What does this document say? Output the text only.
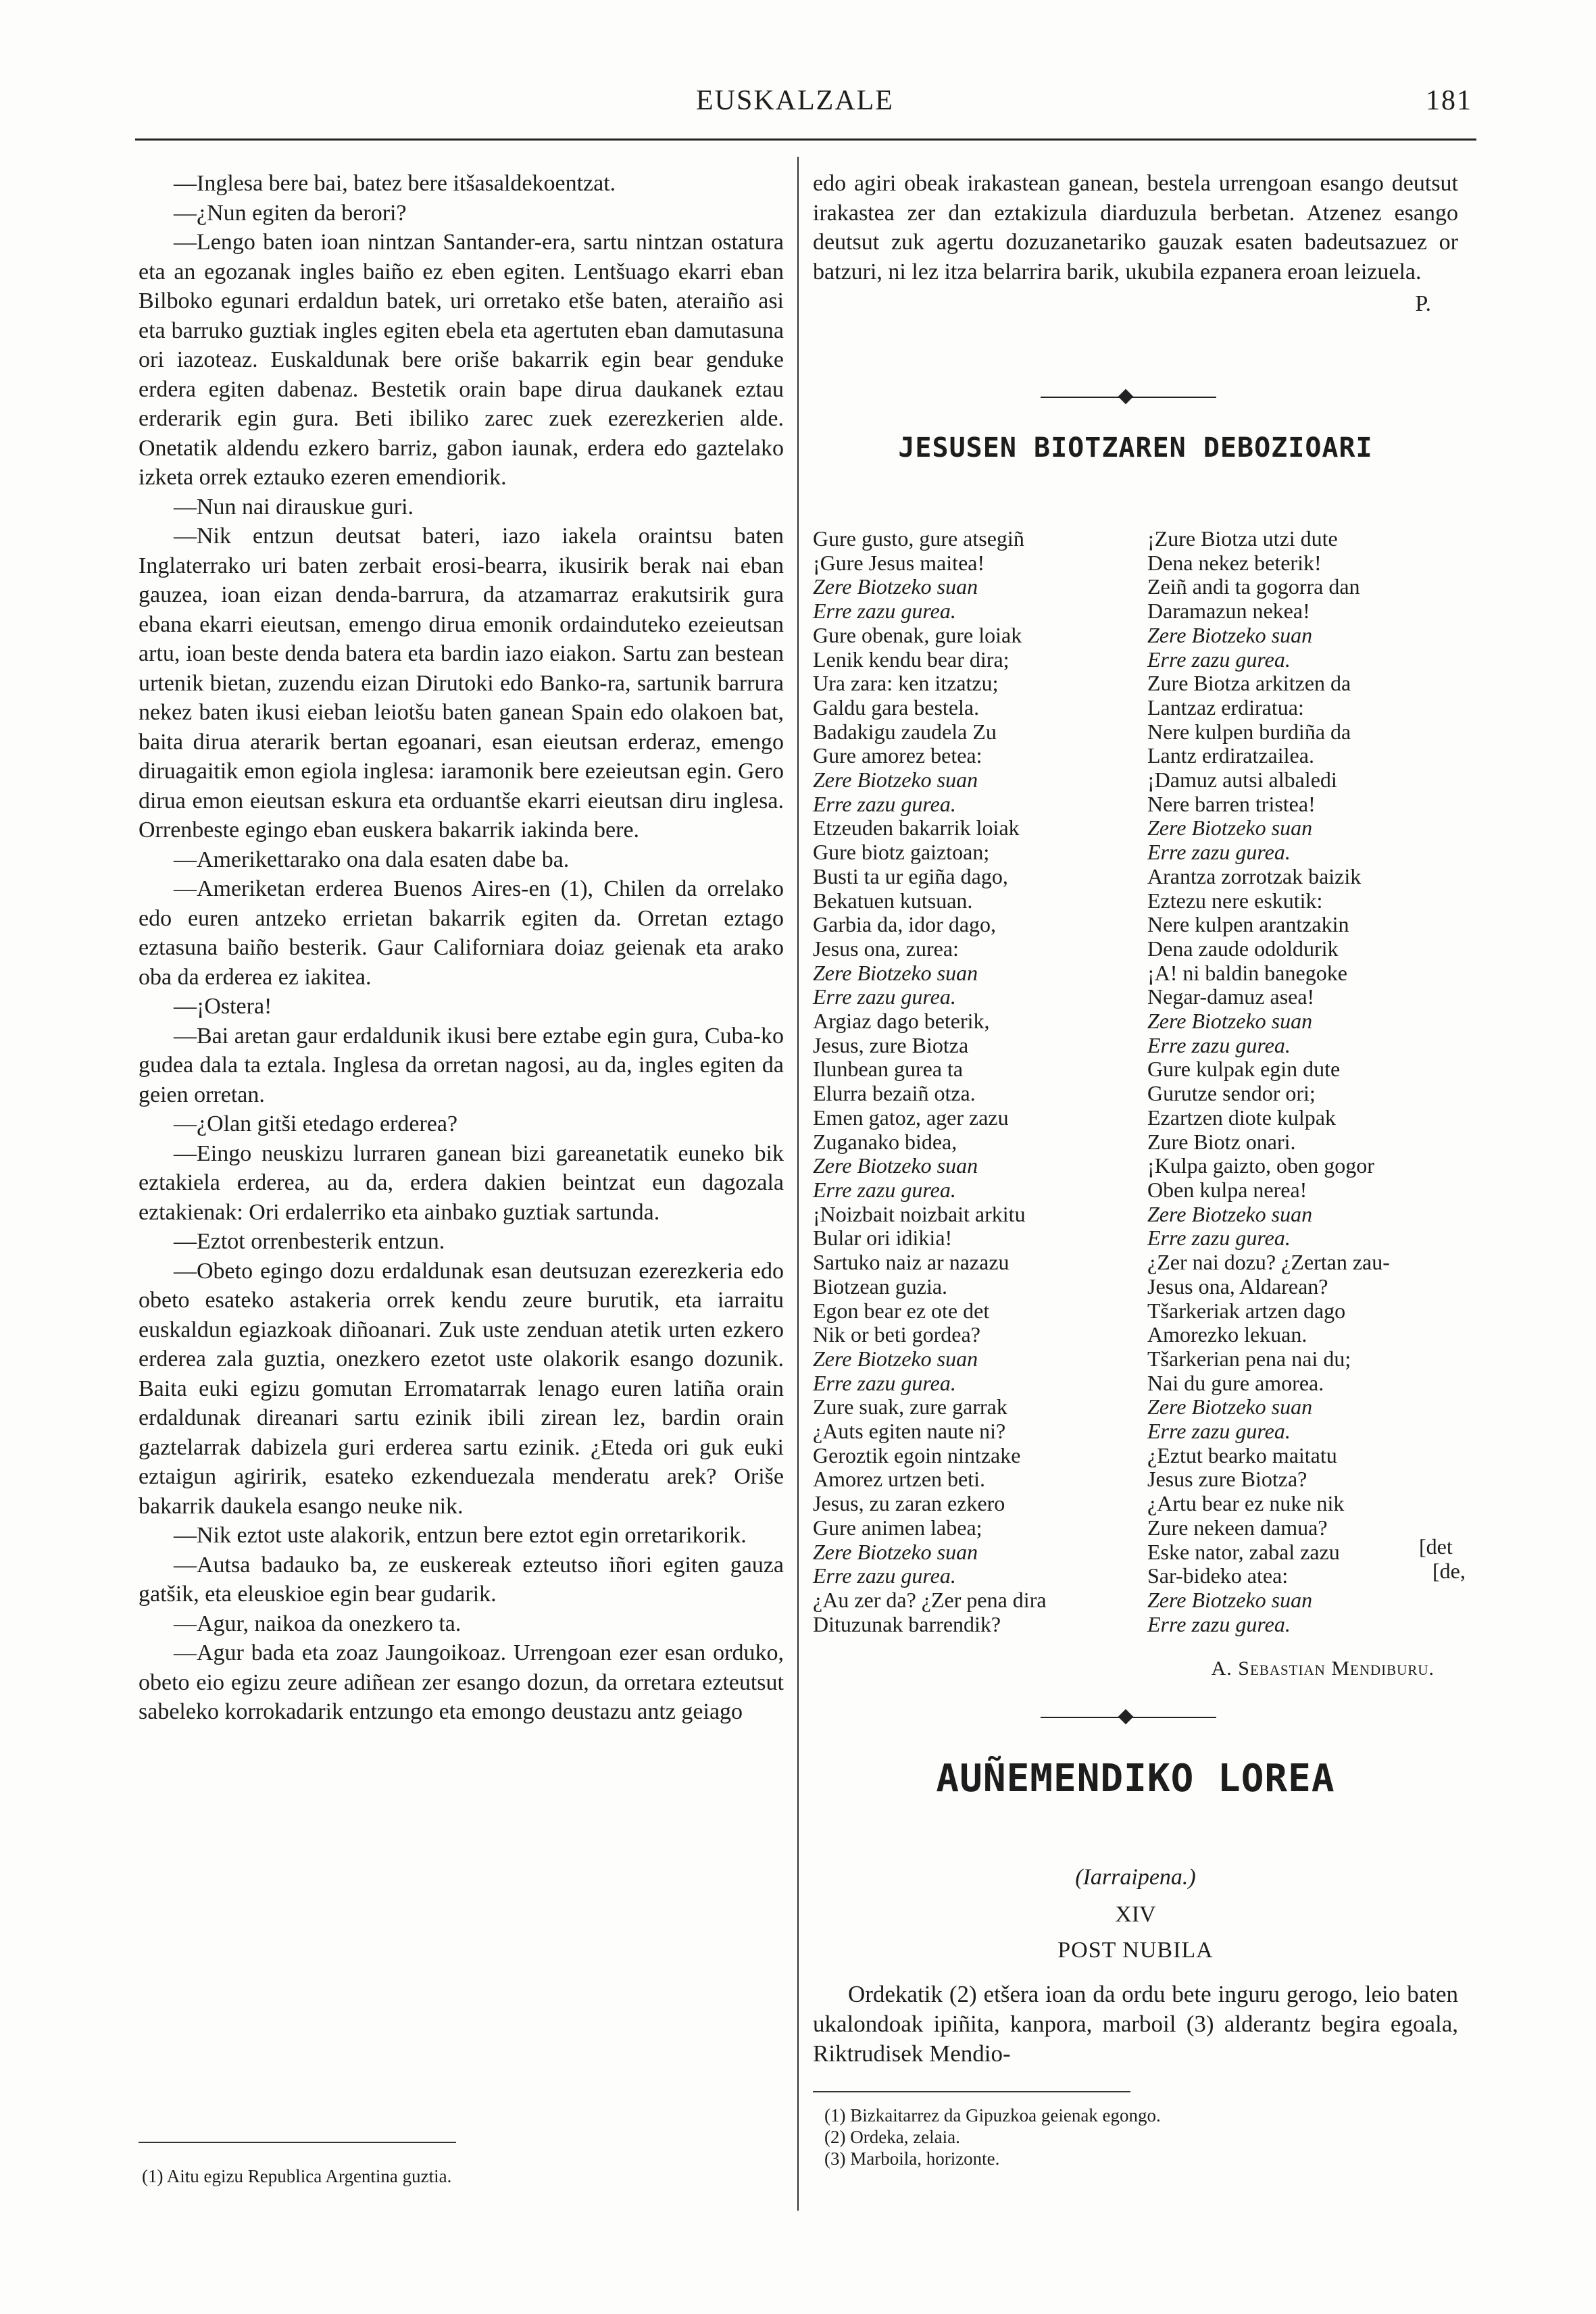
EUSKALZALE	181

—Inglesa bere bai, batez bere itšasaldekoentzat.

—¿Nun egiten da berori?

—Lengo baten ioan nintzan Santander-era, sartu nintzan ostatura eta an egozanak ingles baiño ez eben egiten. Lentšuago ekarri eban Bilboko egunari erdaldun batek, uri orretako etše baten, ateraiño asi eta barruko guztiak ingles egiten ebela eta agertuten eban damutasuna ori iazoteaz. Euskaldunak bere oriše bakarrik egin bear genduke erdera egiten dabenaz. Bestetik orain bape dirua daukanek eztau erderarik egin gura. Beti ibiliko zarec zuek ezerezkerien alde. Onetatik aldendu ezkero barriz, gabon iaunak, erdera edo gaztelako izketa orrek eztauko ezeren emendiorik.

—Nun nai dirauskue guri.

—Nik entzun deutsat bateri, iazo iakela oraintsu baten Inglaterrako uri baten zerbait erosi-bearra, ikusirik berak nai eban gauzea, ioan eizan denda-barrura, da atzamarraz erakutsirik gura ebana ekarri eieutsan, emengo dirua emonik ordainduteko ezeieutsan artu, ioan beste denda batera eta bardin iazo eiakon. Sartu zan bestean urtenik bietan, zuzendu eizan Dirutoki edo Banko-ra, sartunik barrura nekez baten ikusi eieban leiotšu baten ganean Spain edo olakoen bat, baita dirua aterarik bertan egoanari, esan eieutsan erderaz, emengo diruagaitik emon egiola inglesa: iaramonik bere ezeieutsan egin. Gero dirua emon eieutsan eskura eta orduantše ekarri eieutsan diru inglesa. Orrenbeste egingo eban euskera bakarrik iakinda bere.

—Amerikettarako ona dala esaten dabe ba.

—Ameriketan erderea Buenos Aires-en (1), Chilen da orrelako edo euren antzeko errietan bakarrik egiten da. Orretan eztago eztasuna baiño besterik. Gaur Californiara doiaz geienak eta arako oba da erderea ez iakitea.

—¡Ostera!

—Bai aretan gaur erdaldunik ikusi bere eztabe egin gura, Cuba-ko gudea dala ta eztala. Inglesa da orretan nagosi, au da, ingles egiten da geien orretan.

—¿Olan gitši etedago erderea?

—Eingo neuskizu lurraren ganean bizi gareanetatik euneko bik eztakiela erderea, au da, erdera dakien beintzat eun dagozala eztakienak: Ori erdalerriko eta ainbako guztiak sartunda.

—Eztot orrenbesterik entzun.

—Obeto egingo dozu erdaldunak esan deutsuzan ezerezkeria edo obeto esateko astakeria orrek kendu zeure burutik, eta iarraitu euskaldun egiazkoak diñoanari. Zuk uste zenduan atetik urten ezkero erderea zala guztia, onezkero ezetot uste olakorik esango dozunik. Baita euki egizu gomutan Erromatarrak lenago euren latiña orain erdaldunak direanari sartu ezinik ibili zirean lez, bardin orain gaztelarrak dabizela guri erderea sartu ezinik. ¿Eteda ori guk euki eztaigun agiririk, esateko ezkenduezala menderatu arek? Oriše bakarrik daukela esango neuke nik.

—Nik eztot uste alakorik, entzun bere eztot egin orretarikorik.

—Autsa badauko ba, ze euskereak ezteutso iñori egiten gauza gatšik, eta eleuskioe egin bear gudarik.

—Agur, naikoa da onezkero ta.

—Agur bada eta zoaz Jaungoikoaz. Urrengoan ezer esan orduko, obeto eio egizu zeure adiñean zer esango dozun, da orretara ezteutsut sabeleko korrokadarik entzungo eta emongo deustazu antz geiago

(1) Aitu egizu Republica Argentina guztia.

edo agiri obeak irakastean ganean, bestela urrengoan esango deutsut irakastea zer dan eztakizula diarduzula berbetan. Atzenez esango deutsut zuk agertu dozuzanetariko gauzak esaten badeutsazuez or batzuri, ni lez itza belarrira barik, ukubila ezpanera eroan leizuela.

P.
JESUSEN BIOTZAREN DEBOZIOARI
Gure gusto, gure atsegiñ
¡Gure Jesus maitea!
Zere Biotzeko suan
Erre zazu gurea.
Gure obenak, gure loiak
Lenik kendu bear dira;
Ura zara: ken itzatzu;
Galdu gara bestela.
Badakigu zaudela Zu
Gure amorez betea:
Zere Biotzeko suan
Erre zazu gurea.
Etzeuden bakarrik loiak
Gure biotz gaiztoan;
Busti ta ur egiña dago,
Bekatuen kutsuan.
Garbia da, idor dago,
Jesus ona, zurea:
Zere Biotzeko suan
Erre zazu gurea.
Argiaz dago beterik,
Jesus, zure Biotza
Ilunbean gurea ta
Elurra bezaiñ otza.
Emen gatoz, ager zazu
Zuganako bidea,
Zere Biotzeko suan
Erre zazu gurea.
¡Noizbait noizbait arkitu
Bular ori idikia!
Sartuko naiz ar nazazu
Biotzean guzia.
Egon bear ez ote det
Nik or beti gordea?
Zere Biotzeko suan
Erre zazu gurea.
Zure suak, zure garrak
¿Auts egiten naute ni?
Geroztik egoin nintzake
Amorez urtzen beti.
Jesus, zu zaran ezkero
Gure animen labea;
Zere Biotzeko suan
Erre zazu gurea.
¿Au zer da? ¿Zer pena dira
Dituzunak barrendik?
¡Zure Biotza utzi dute
Dena nekez beterik!
Zeiñ andi ta gogorra dan
Daramazun nekea!
Zere Biotzeko suan
Erre zazu gurea.
Zure Biotza arkitzen da
Lantzaz erdiratua:
Nere kulpen burdiña da
Lantz erdiratzailea.
¡Damuz autsi albaledi
Nere barren tristea!
Zere Biotzeko suan
Erre zazu gurea.
Arantza zorrotzak baizik
Eztezu nere eskutik:
Nere kulpen arantzakin
Dena zaude odoldurik
¡A! ni baldin banegoke
Negar-damuz asea!
Zere Biotzeko suan
Erre zazu gurea.
Gure kulpak egin dute
Gurutze sendor ori;
Ezartzen diote kulpak
Zure Biotz onari.
¡Kulpa gaizto, oben gogor
Oben kulpa nerea!
Zere Biotzeko suan
Erre zazu gurea.
¿Zer nai dozu? ¿Zertan zau-
Jesus ona, Aldarean?
Tšarkeriak artzen dago
Amorezko lekuan.
Tšarkerian pena nai du;
Nai du gure amorea.
Zere Biotzeko suan
Erre zazu gurea.
¿Eztut bearko maitatu
Jesus zure Biotza?
¿Artu bear ez nuke nik
Zure nekeen damua?
Eske nator, zabal zazu
Sar-bideko atea:
Zere Biotzeko suan
Erre zazu gurea.
[det
[de,
A. Sebastian Mendiburu.
AUÑEMENDIKO LOREA
(Iarraipena.)
XIV
POST NUBILA

Ordekatik (2) etšera ioan da ordu bete inguru gerogo, leio baten ukalondoak ipiñita, kanpora, marboil (3) alderantz begira egoala, Riktrudisek Mendio-

(1) Bizkaitarrez da Gipuzkoa geienak egongo.
(2) Ordeka, zelaia.
(3) Marboila, horizonte.
